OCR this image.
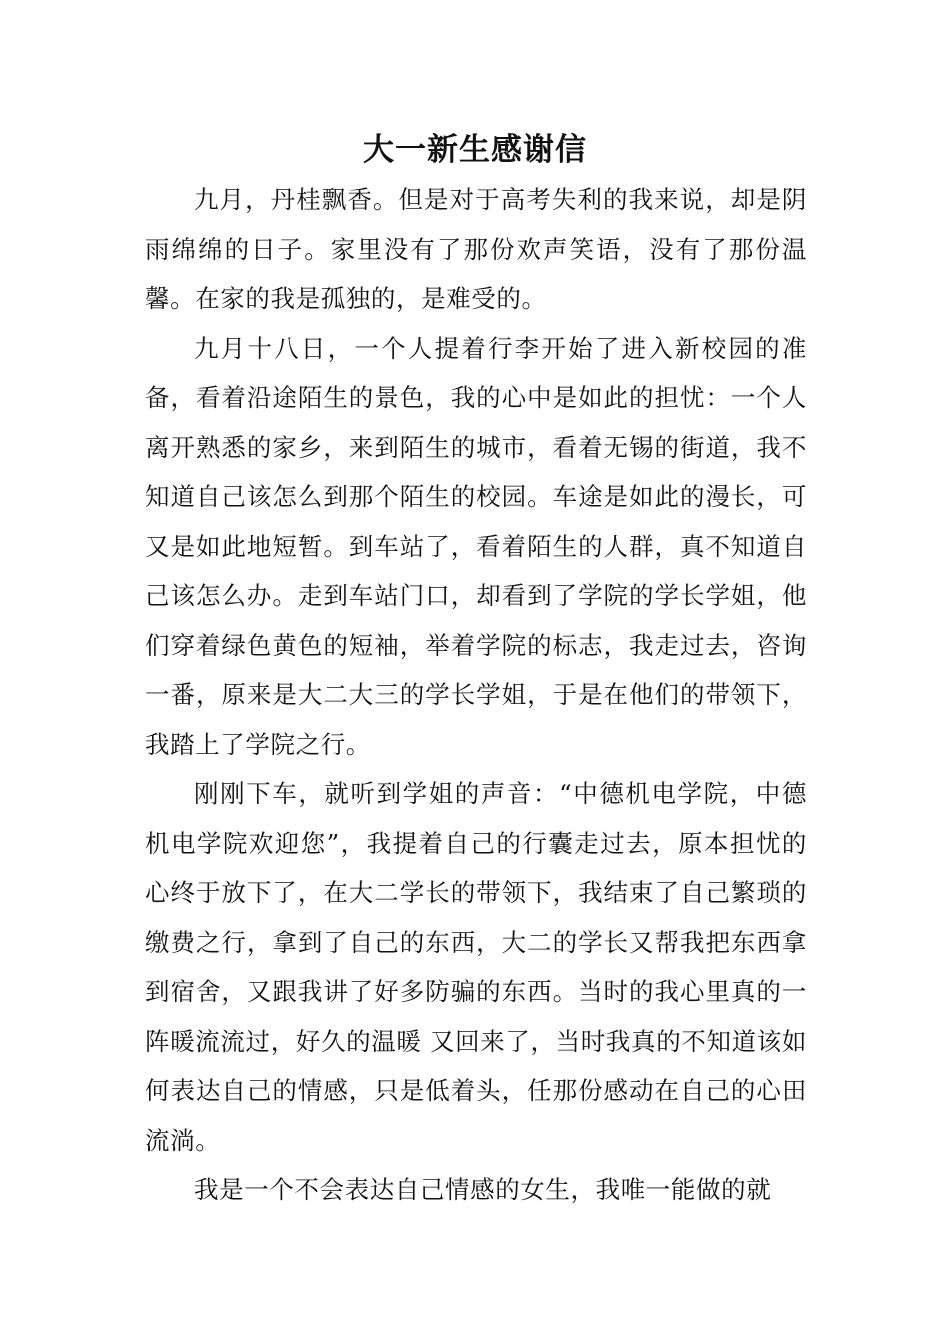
大一新生感谢信

九月，丹桂飘香。但是对于高考失利的我来说，却是阴雨绵绵的日子。家里没有了那份欢声笑语，没有了那份温馨。在家的我是孤独的，是难受的。

九月十八日，一个人提着行李开始了进入新校园的准备，看着沿途陌生的景色，我的心中是如此的担忧：一个人离开熟悉的家乡，来到陌生的城市，看着无锡的街道，我不知道自己该怎么到那个陌生的校园。车途是如此的漫长，可又是如此地短暂。到车站了，看着陌生的人群，真不知道自己该怎么办。走到车站门口，却看到了学院的学长学姐，他们穿着绿色黄色的短袖，举着学院的标志，我走过去，咨询一番，原来是大二大三的学长学姐，于是在他们的带领下，我踏上了学院之行。

刚刚下车，就听到学姐的声音：“中德机电学院，中德机电学院欢迎您”，我提着自己的行囊走过去，原本担忧的心终于放下了，在大二学长的带领下，我结束了自己繁琐的缴费之行，拿到了自己的东西，大二的学长又帮我把东西拿到宿舍，又跟我讲了好多防骗的东西。当时的我心里真的一阵暖流流过，好久的温暖 又回来了，当时我真的不知道该如何表达自己的情感，只是低着头，任那份感动在自己的心田流淌。

我是一个不会表达自己情感的女生，我唯一能做的就
